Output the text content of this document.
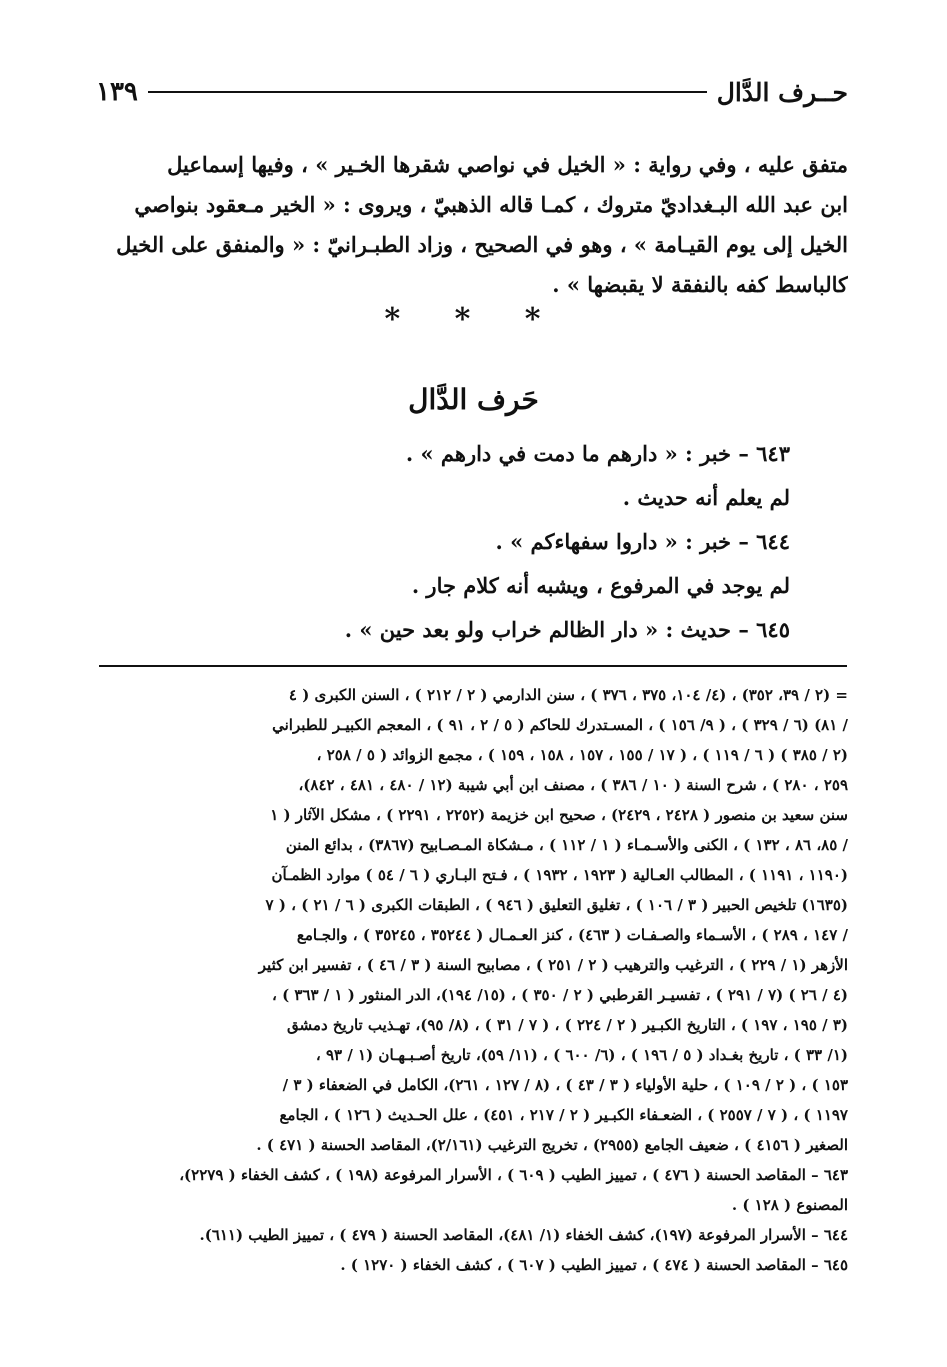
حــرف الدَّال
١٣٩
متفق عليه ، وفي رواية : « الخيل في نواصي شقرها الخـير » ، وفيها إسماعيل
ابن عبد الله البـغداديّ متروك ، كمـا قاله الذهبيّ ، ويروى : « الخير مـعقود بنواصي
الخيل إلى يوم القيـامة » ، وهو في الصحيح ، وزاد الطبـرانيّ : « والمنفق على الخيل
كالباسط كفه بالنفقة لا يقبضها » .
* * *
حَرف الدَّال
٦٤٣ – خبر : « دارهم ما دمت في دارهم » .
لم يعلم أنه حديث .
٦٤٤ – خبر : « داروا سفهاءكم » .
لم يوجد في المرفوع ، ويشبه أنه كلام جار .
٦٤٥ – حديث : « دار الظالم خراب ولو بعد حين » .
= (٢ / ٣٩، ٣٥٢) ، (٤/ ١٠٤، ٣٧٥ ، ٣٧٦ ) ، سنن الدارمي ( ٢ / ٢١٢ ) ، السنن الكبرى ( ٤
/ ٨١) (٦ / ٣٢٩ ) ، ( ٩/ ١٥٦ ) ، المسـتدرك للحاكم ( ٥ / ٢ ، ٩١ ) ، المعجم الكبيـر للطبراني
(٢ / ٣٨٥ ) ( ٦ / ١١٩ ) ، ( ١٧ / ١٥٥ ، ١٥٧ ، ١٥٨ ، ١٥٩ ) ، مجمع الزوائد ( ٥ / ٢٥٨ ،
٢٥٩ ، ٢٨٠ ) ، شرح السنة ( ١٠ / ٣٨٦ ) ، مصنف ابن أبي شيبة (١٢ / ٤٨٠ ، ٤٨١ ، ٨٤٢)،
سنن سعيد بن منصور ( ٢٤٢٨ ، ٢٤٢٩) ، صحيح ابن خزيمة (٢٢٥٢ ، ٢٢٩١ ) ، مشكل الآثار ( ١
/ ٨٥، ٨٦ ، ١٣٢ ) ، الكنى والأسـمـاء ( ١ / ١١٢ ) ، مـشكاة المـصـابيح (٣٨٦٧) ، بدائع المنن
(١١٩٠ ، ١١٩١ ) ، المطالب العـالية ( ١٩٢٣ ، ١٩٣٢ ) ، فـتح البـاري ( ٦ / ٥٤ ) موارد الظمـآن
(١٦٣٥) تلخيص الحبير ( ٣ / ١٠٦ ) ، تغليق التعليق ( ٩٤٦ ) ، الطبقات الكبرى ( ٦ / ٢١ ) ، ( ٧
/ ١٤٧ ، ٢٨٩ ) ، الأسـماء والصـفـات ( ٤٦٣) ، كنز العـمـال ( ٣٥٢٤٤ ، ٣٥٢٤٥ ) ، والجـامع
الأزهر (١ / ٢٢٩ ) ، الترغيب والترهيب ( ٢ / ٢٥١ ) ، مصابيح السنة ( ٣ / ٤٦ ) ، تفسير ابن كثير
(٤ / ٢٦ ) (٧ / ٢٩١ ) ، تفسيـر القرطبي ( ٢ / ٣٥٠ ) ، (١٥/ ١٩٤)، الدر المنثور ( ١ / ٣٦٣ ) ،
(٣ / ١٩٥ ، ١٩٧ ) ، التاريخ الكبـير ( ٢ / ٢٢٤ ) ، ( ٧ / ٣١ ) ، (٨/ ٩٥)، تهـذيب تاريخ دمشق
(١/ ٣٣ ) ، تاريخ بغـداد ( ٥ / ١٩٦ ) ، (٦/ ٦٠٠ ) ، (١١/ ٥٩)، تاريخ أصـبـهـان (١ / ٩٣ ،
١٥٣ ) ، ( ٢ / ١٠٩ ) ، حلية الأولياء ( ٣ / ٤٣ ) ، (٨ / ١٢٧ ، ٢٦١)، الكامل في الضعفاء ( ٣ /
١١٩٧ ) ، ( ٧ / ٢٥٥٧ ) ، الضعـفاء الكبـير ( ٢ / ٢١٧ ، ٤٥١) ، علل الحـديث ( ١٢٦ ) ، الجامع
الصغير ( ٤١٥٦ ) ، ضعيف الجامع (٢٩٥٥) ، تخريج الترغيب (٢/١٦١)، المقاصد الحسنة ( ٤٧١ ) .
٦٤٣ – المقاصد الحسنة ( ٤٧٦ ) ، تمييز الطيب ( ٦٠٩ ) ، الأسرار المرفوعة (١٩٨ ) ، كشف الخفاء ( ٢٢٧٩)،
المصنوع ( ١٢٨ ) .
٦٤٤ – الأسرار المرفوعة (١٩٧)، كشف الخفاء (١/ ٤٨١)، المقاصد الحسنة ( ٤٧٩ ) ، تمييز الطيب (٦١١).
٦٤٥ – المقاصد الحسنة ( ٤٧٤ ) ، تمييز الطيب ( ٦٠٧ ) ، كشف الخفاء ( ١٢٧٠ ) .
